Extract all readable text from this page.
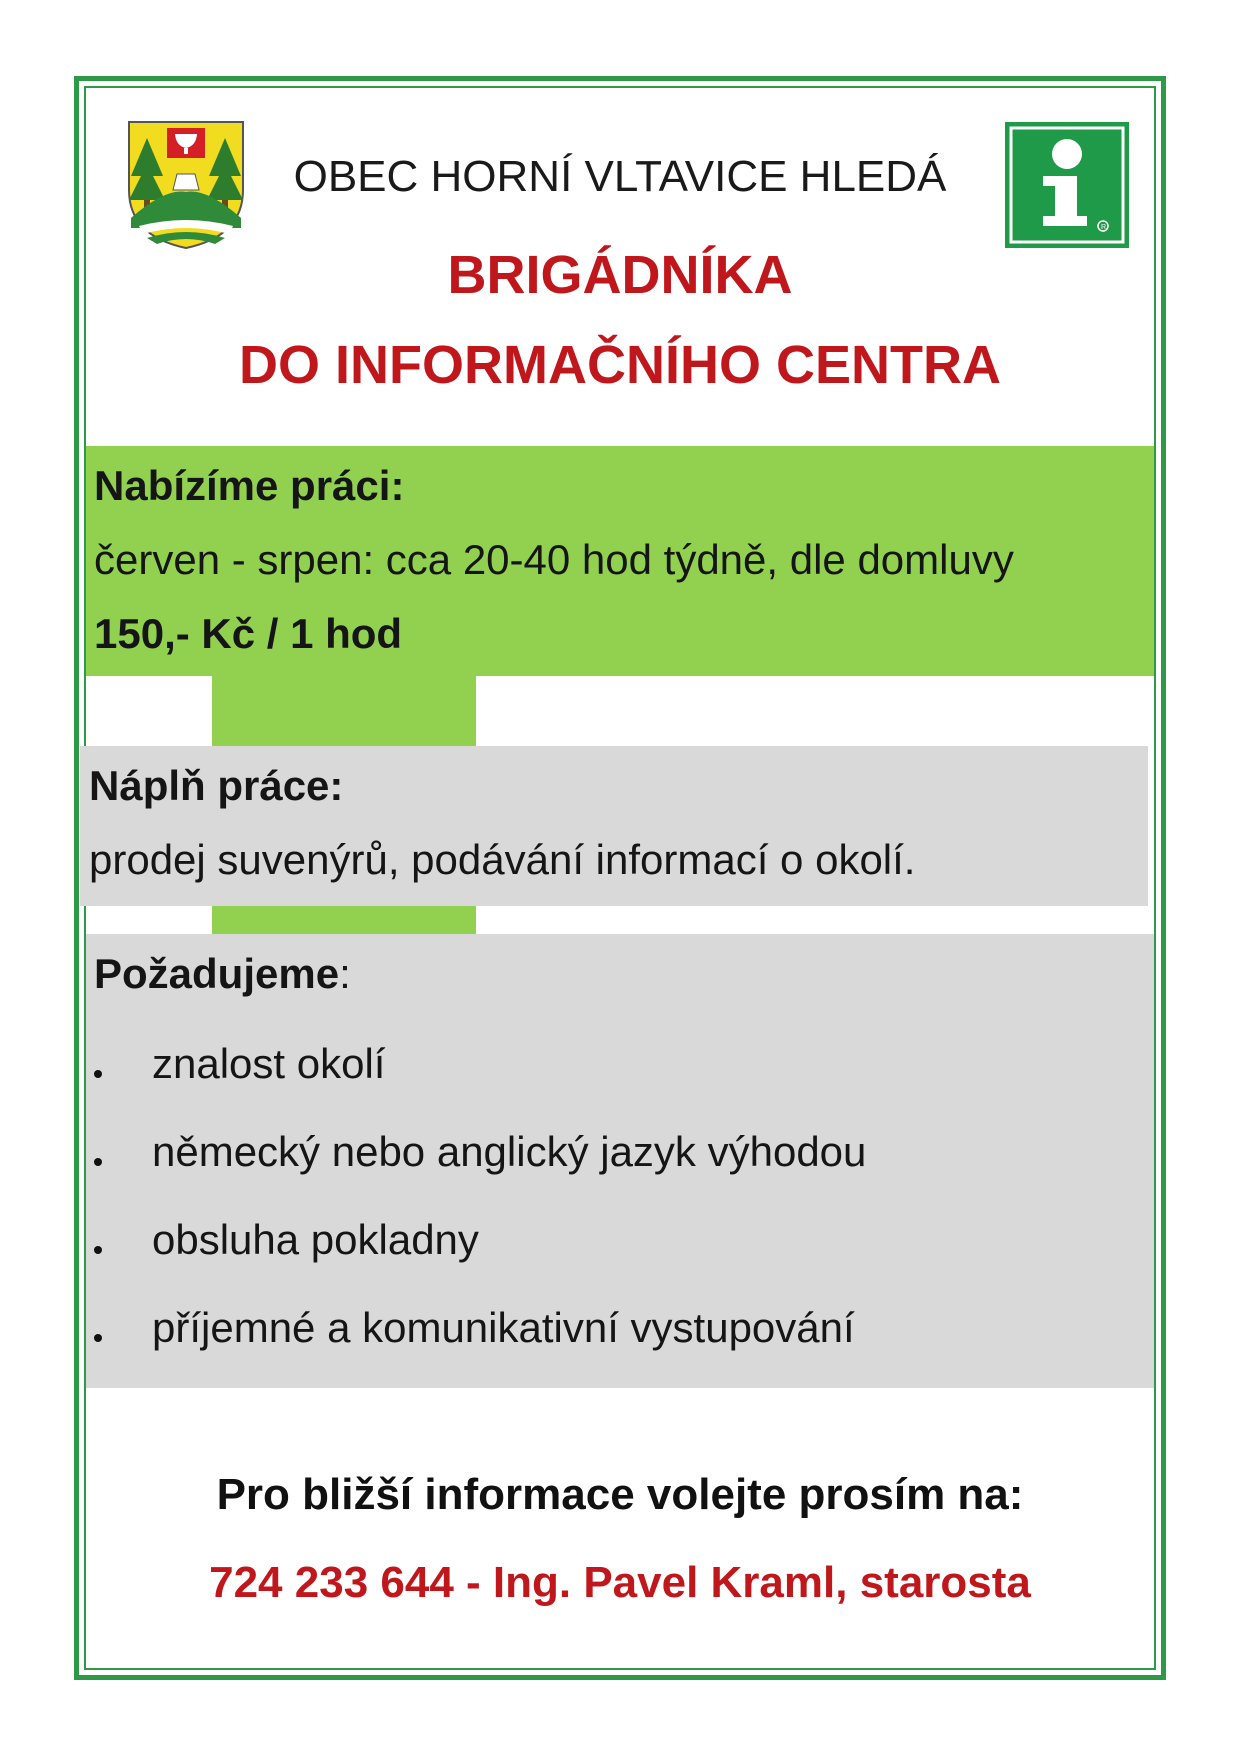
R
OBEC HORNÍ VLTAVICE HLEDÁ
BRIGÁDNÍKA
DO INFORMAČNÍHO CENTRA
Nabízíme práci:
červen - srpen: cca 20-40 hod týdně, dle domluvy
150,- Kč / 1 hod
Náplň práce:
prodej suvenýrů, podávání informací o okolí.
Požadujeme:
znalost okolí
německý nebo anglický jazyk výhodou
obsluha pokladny
příjemné a komunikativní vystupování
Pro bližší informace volejte prosím na:
724 233 644 - Ing. Pavel Kraml, starosta
